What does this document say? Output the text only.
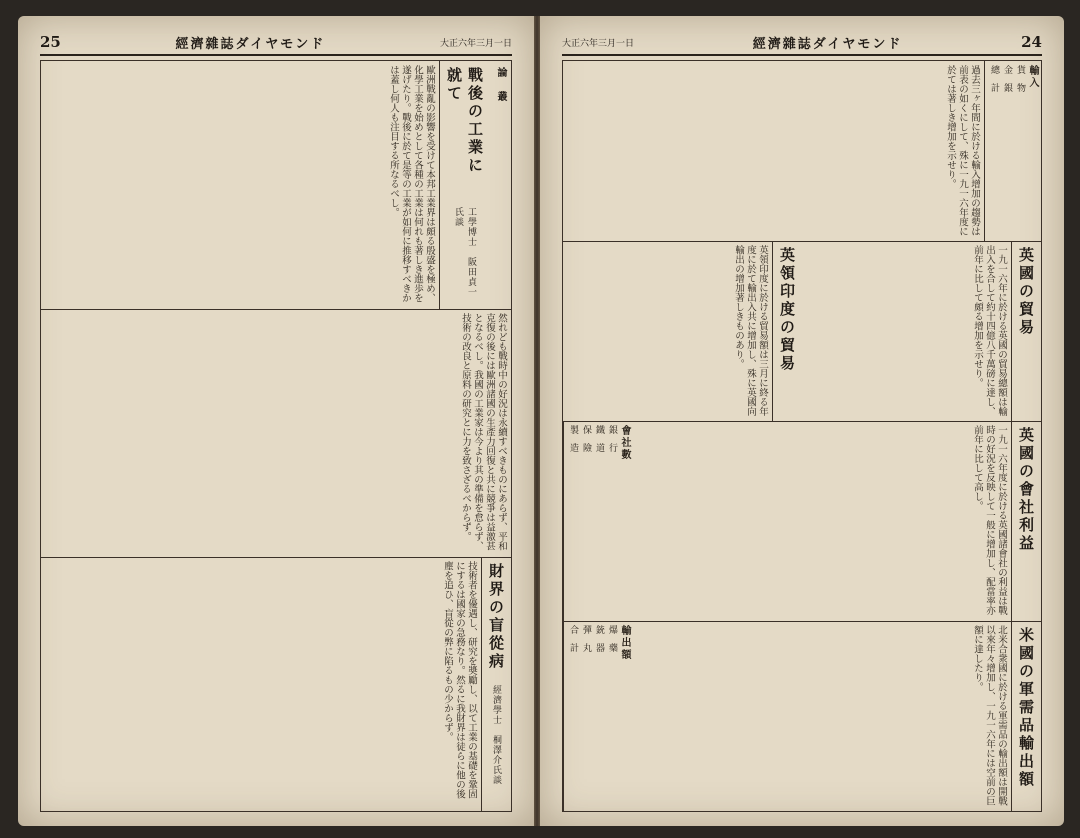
25	經濟雜誌ダイヤモンド	大正六年三月一日
論　叢
戰後の工業に就て
工學博士　阪田貞一氏談
歐洲戰亂の影響を受けて本邦工業界は頗る殷盛を極め、化學工業を始めとして各種の工業は何れも著しき進歩を遂げたり。戰後に於て是等の工業が如何に推移すべきかは蓋し何人も注目する所なるべし。
然れども戰時中の好況は永續すべきものにあらず、平和克復の後には歐洲諸國の生產力回復と共に競爭は益激甚となるべし。我國の工業家は今より其の準備を怠らず、技術の改良と原料の研究とに力を致さざるべからず。
財界の盲從病
經濟學士　桐澤介氏談
技術者を優遇し、研究を奬勵し、以て工業の基礎を鞏固にするは國家の急務なり。然るに我財界は徒らに他の後塵を追ひ、盲從の弊に陷るもの少からず。
大正六年三月一日	經濟雜誌ダイヤモンド	24
輸入
貨　物
金　銀
總　計
過去三ヶ年間に於ける輸入增加の趨勢は前表の如くにして、殊に一九一六年度に於ては著しき增加を示せり。
英國の貿易
一九一六年に於ける英國の貿易總額は輸出入を合して約十四億八千萬磅に達し、前年に比して頗る增加を示せり。
英領印度の貿易
英領印度に於ける貿易額は三月に終る年度に於て輸出入共に增加し、殊に英國向輸出の增加著しきものあり。
英國の會社利益
一九一六年度に於ける英國諸會社の利益は戰時の好況を反映して一般に增加し、配當率亦前年に比して高し。
會社數
銀　行
鐵　道
保　險
製　造
米國の軍需品輸出額
北米合衆國に於ける軍需品の輸出額は開戰以來年々增加し、一九一六年には空前の巨額に達したり。
輸出額
爆　藥
銃　器
彈　丸
合　計
